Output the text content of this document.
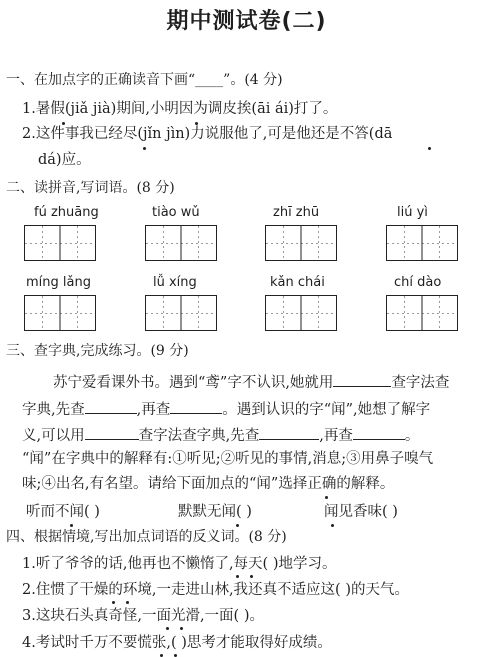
期中测试卷(二)
一、在加点字的正确读音下画“____”。(4 分)
1.暑假(jiǎ jià)期间,小明因为调皮挨(āi ái)打了。
2.这件事我已经尽(jǐn jìn)力说服他了,可是他还是不答(dā
dá)应。
二、读拼音,写词语。(8 分)
fú zhuāng	tiào wǔ	zhī zhū	liú yì
míng lǎng	lǚ xíng	kǎn chái	chí dào
三、查字典,完成练习。(9 分)
苏宁爱看课外书。遇到“鸢”字不认识,她就用	查字法查
字典,先查	,再查	。遇到认识的字“闻”,她想了解字
义,可以用	查字法查字典,先查	,再查	。
“闻”在字典中的解释有:①听见;②听见的事情,消息;③用鼻子嗅气
味;④出名,有名望。请给下面加点的“闻”选择正确的解释。
听而不闻( )	默默无闻( )	闻见香味( )
四、根据情境,写出加点词语的反义词。(8 分)
1.听了爷爷的话,他再也不懒惰了,每天( )地学习。
2.住惯了干燥的环境,一走进山林,我还真不适应这( )的天气。
3.这块石头真奇怪,一面光滑,一面( )。
4.考试时千万不要慌张,( )思考才能取得好成绩。
